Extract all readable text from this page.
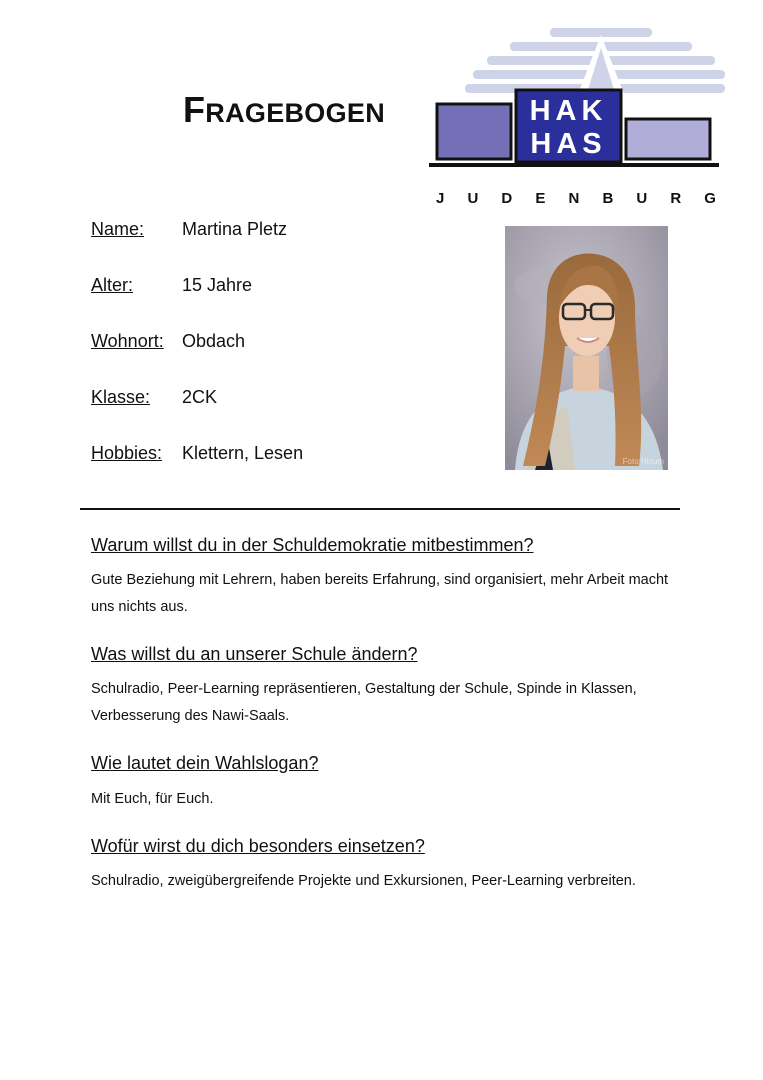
FRAGEBOGEN	HAK
HAS
J U D E N B U R G
Name: Martina Pletz
Alter:	15 Jahre
Wohnort: Obdach
Klasse: 2CK
Hobbies: Klettern, Lesen	Foto Hinum
Warum willst du in der Schuldemokratie mitbestimmen?

Gute Beziehung mit Lehrern, haben bereits Erfahrung, sind organisiert, mehr Arbeit macht uns nichts aus.

Was willst du an unserer Schule ändern?

Schulradio, Peer-Learning repräsentieren, Gestaltung der Schule, Spinde in Klassen, Verbesserung des Nawi-Saals.

Wie lautet dein Wahlslogan?

Mit Euch, für Euch.

Wofür wirst du dich besonders einsetzen?

Schulradio, zweigübergreifende Projekte und Exkursionen, Peer-Learning verbreiten.
